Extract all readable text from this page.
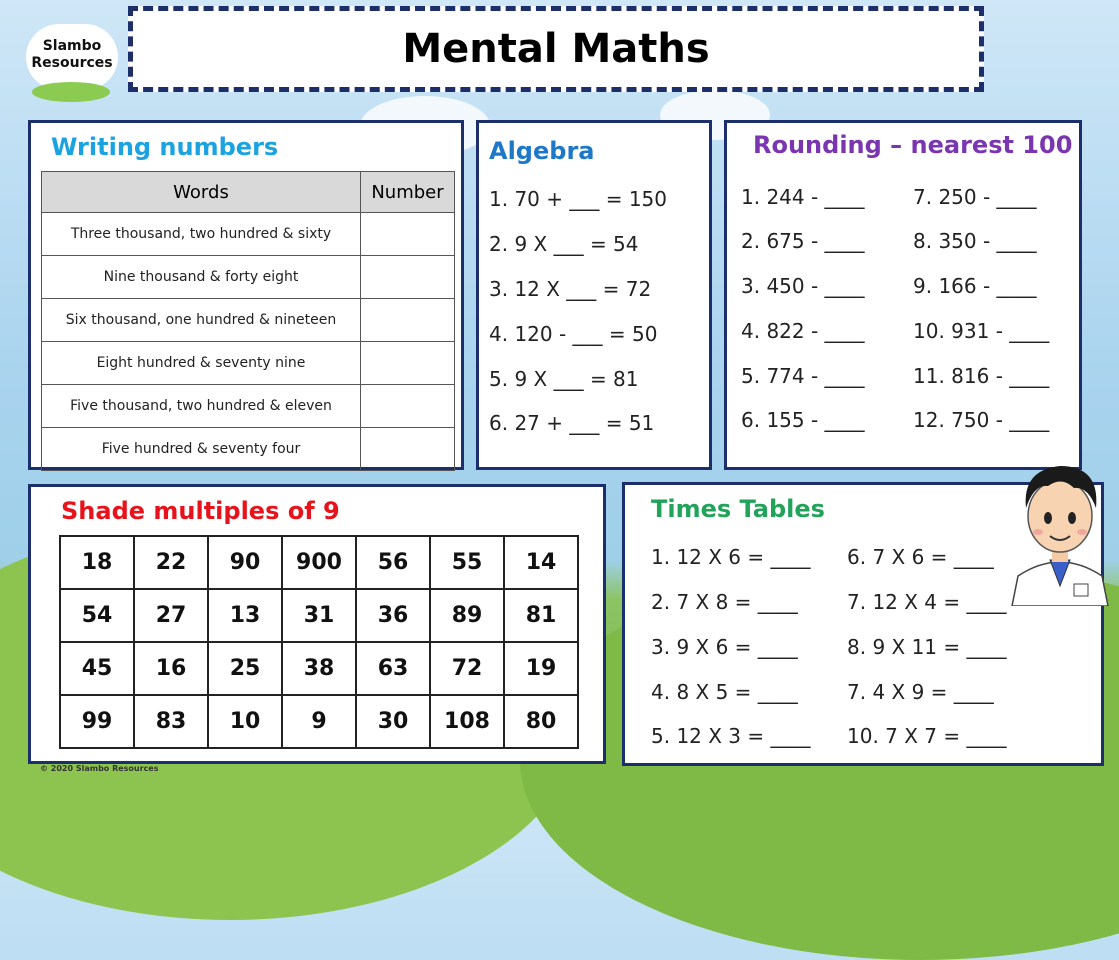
Slambo
Resources	Mental Maths
Writing numbers
Words	Number
Three thousand, two hundred & sixty	
Nine thousand & forty eight	
Six thousand, one hundred & nineteen	
Eight hundred & seventy nine	
Five thousand, two hundred & eleven	
Five hundred & seventy four	
Algebra
1. 70 + ___ = 150
2. 9 X ___ = 54
3. 12 X ___ = 72
4. 120 - ___ = 50
5. 9 X ___ = 81
6. 27 + ___ = 51
Rounding – nearest 100
1. 244 - ____
2. 675 - ____
3. 450 - ____
4. 822 - ____
5. 774 - ____
6. 155 - ____
7. 250 - ____
8. 350 - ____
9. 166 - ____
10. 931 - ____
11. 816 - ____
12. 750 - ____
Shade multiples of 9
18	22	90	900	56	55	14
54	27	13	31	36	89	81
45	16	25	38	63	72	19
99	83	10	9	30	108	80
Times Tables
1. 12 X 6 = ____
2. 7 X 8 = ____
3. 9 X 6 = ____
4. 8 X 5 = ____
5. 12 X 3 = ____
6. 7 X 6 = ____
7. 12 X 4 = ____
8. 9 X 11 = ____
7. 4 X 9 = ____
10. 7 X 7 = ____
© 2020 Slambo Resources
